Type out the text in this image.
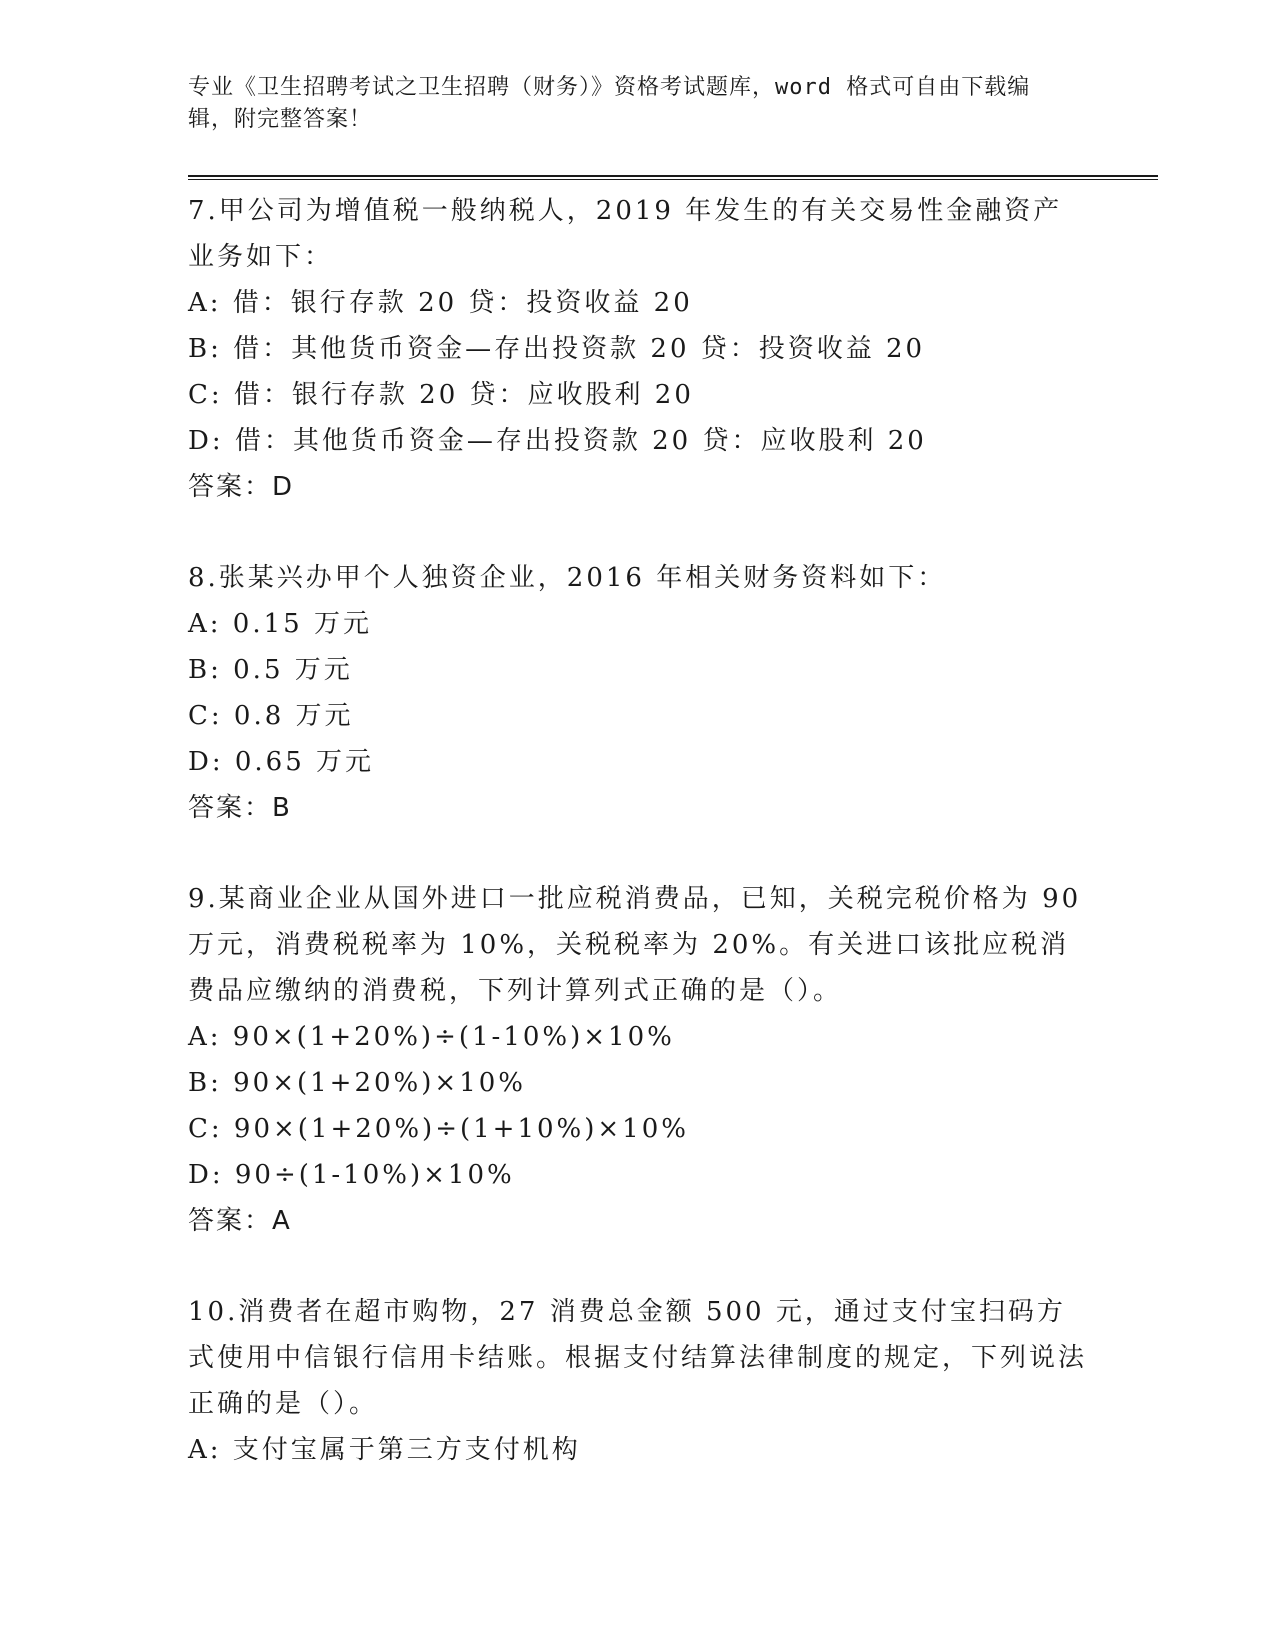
专业《卫生招聘考试之卫生招聘（财务）》资格考试题库，word 格式可自由下载编辑，附完整答案！
7.甲公司为增值税一般纳税人，2019 年发生的有关交易性金融资产业务如下：
A: 借：银行存款 20 贷：投资收益 20
B: 借：其他货币资金—存出投资款 20 贷：投资收益 20
C: 借：银行存款 20 贷：应收股利 20
D: 借：其他货币资金—存出投资款 20 贷：应收股利 20
答案：D
8.张某兴办甲个人独资企业，2016 年相关财务资料如下：
A: 0.15 万元
B: 0.5 万元
C: 0.8 万元
D: 0.65 万元
答案：B
9.某商业企业从国外进口一批应税消费品，已知，关税完税价格为 90 万元，消费税税率为 10%，关税税率为 20%。有关进口该批应税消费品应缴纳的消费税，下列计算列式正确的是（）。
A: 90×(1+20%)÷(1-10%)×10%
B: 90×(1+20%)×10%
C: 90×(1+20%)÷(1+10%)×10%
D: 90÷(1-10%)×10%
答案：A
10.消费者在超市购物，27 消费总金额 500 元，通过支付宝扫码方式使用中信银行信用卡结账。根据支付结算法律制度的规定，下列说法正确的是（）。
A: 支付宝属于第三方支付机构
